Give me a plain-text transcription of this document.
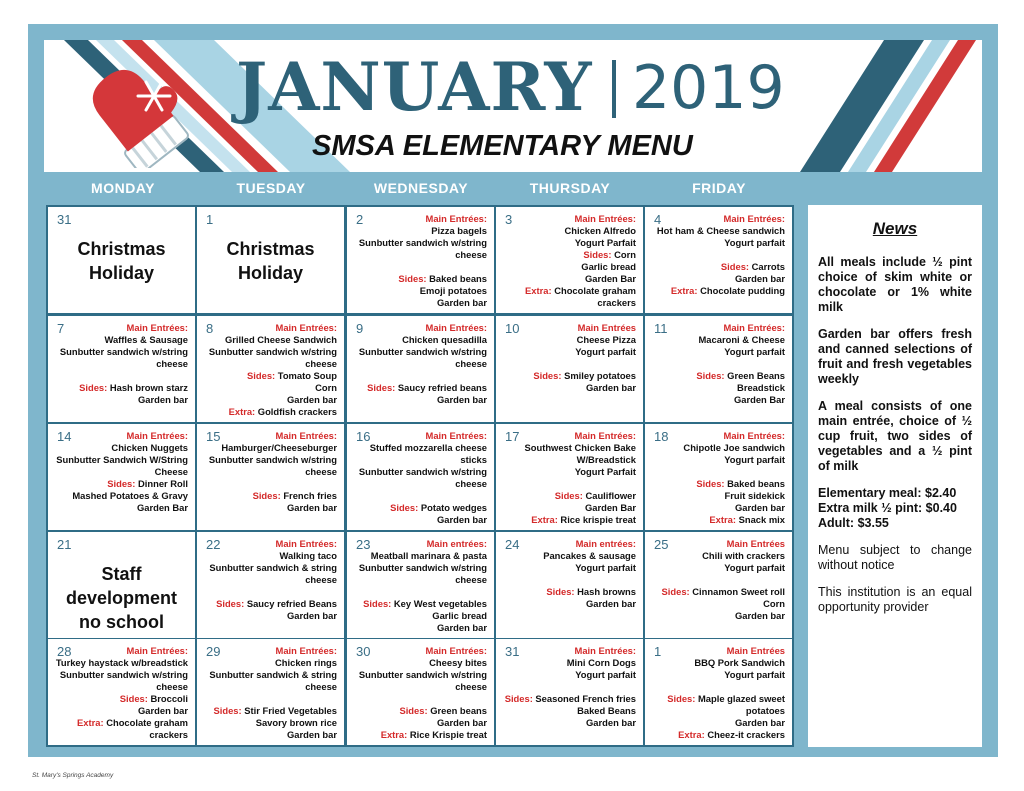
JANUARY 2019
SMSA ELEMENTARY MENU
MONDAY	TUESDAY	WEDNESDAY	THURSDAY	FRIDAY
31
Christmas
Holiday
1
Christmas
Holiday
2	Main Entrées:
Pizza bagels
Sunbutter sandwich w/string
cheese
Sides: Baked beans
Emoji potatoes
Garden bar
3	Main Entrées:
Chicken Alfredo
Yogurt Parfait
Sides: Corn
Garlic bread
Garden Bar
Extra: Chocolate graham
crackers
4	Main Entrées:
Hot ham & Cheese sandwich
Yogurt parfait
Sides: Carrots
Garden bar
Extra: Chocolate pudding
7	Main Entrées:
Waffles & Sausage
Sunbutter sandwich w/string
cheese
Sides: Hash brown starz
Garden bar
8	Main Entrées:
Grilled Cheese Sandwich
Sunbutter sandwich w/string
cheese
Sides: Tomato Soup
Corn
Garden bar
Extra: Goldfish crackers
9	Main Entrées:
Chicken quesadilla
Sunbutter sandwich w/string
cheese
Sides: Saucy refried beans
Garden bar
10	Main Entrées
Cheese Pizza
Yogurt parfait
Sides: Smiley potatoes
Garden bar
11	Main Entrées:
Macaroni & Cheese
Yogurt parfait
Sides: Green Beans
Breadstick
Garden Bar
14	Main Entrées:
Chicken Nuggets
Sunbutter Sandwich W/String
Cheese
Sides: Dinner Roll
Mashed Potatoes & Gravy
Garden Bar
15	Main Entrées:
Hamburger/Cheeseburger
Sunbutter sandwich w/string
cheese
Sides: French fries
Garden bar
16	Main Entrées:
Stuffed mozzarella cheese sticks
Sunbutter sandwich w/string
cheese
Sides: Potato wedges
Garden bar
17	Main Entrées:
Southwest Chicken Bake
W/Breadstick
Yogurt Parfait
Sides: Cauliflower
Garden Bar
Extra: Rice krispie treat
18	Main Entrées:
Chipotle Joe sandwich
Yogurt parfait
Sides: Baked beans
Fruit sidekick
Garden bar
Extra: Snack mix
21
Staff development
no school
22	Main Entrées:
Walking taco
Sunbutter sandwich & string
cheese
Sides: Saucy refried Beans
Garden bar
23	Main entrées:
Meatball marinara & pasta
Sunbutter sandwich w/string
cheese
Sides: Key West vegetables
Garlic bread
Garden bar
24	Main entrées:
Pancakes & sausage
Yogurt parfait
Sides: Hash browns
Garden bar
25	Main Entrées
Chili with crackers
Yogurt parfait
Sides: Cinnamon Sweet roll
Corn
Garden bar
28	Main Entrées:
Turkey haystack w/breadstick
Sunbutter sandwich w/string
cheese
Sides: Broccoli
Garden bar
Extra: Chocolate graham
crackers
29	Main Entrées:
Chicken rings
Sunbutter sandwich & string
cheese
Sides: Stir Fried Vegetables
Savory brown rice
Garden bar
30	Main Entrées:
Cheesy bites
Sunbutter sandwich w/string
cheese
Sides: Green beans
Garden bar
Extra: Rice Krispie treat
31	Main Entrées:
Mini Corn Dogs
Yogurt parfait
Sides: Seasoned French fries
Baked Beans
Garden bar
1	Main Entrées
BBQ Pork Sandwich
Yogurt parfait
Sides: Maple glazed sweet
potatoes
Garden bar
Extra: Cheez-it crackers
News

All meals include ½ pint choice of skim white or chocolate or 1% white milk

Garden bar offers fresh and canned selections of fruit and fresh vegetables weekly

A meal consists of one main entrée, choice of ½ cup fruit, two sides of vegetables and a ½ pint of milk

Elementary meal: $2.40
Extra milk ½ pint: $0.40
Adult: $3.55

Menu subject to change without notice

This institution is an equal opportunity provider

St. Mary's Springs Academy
